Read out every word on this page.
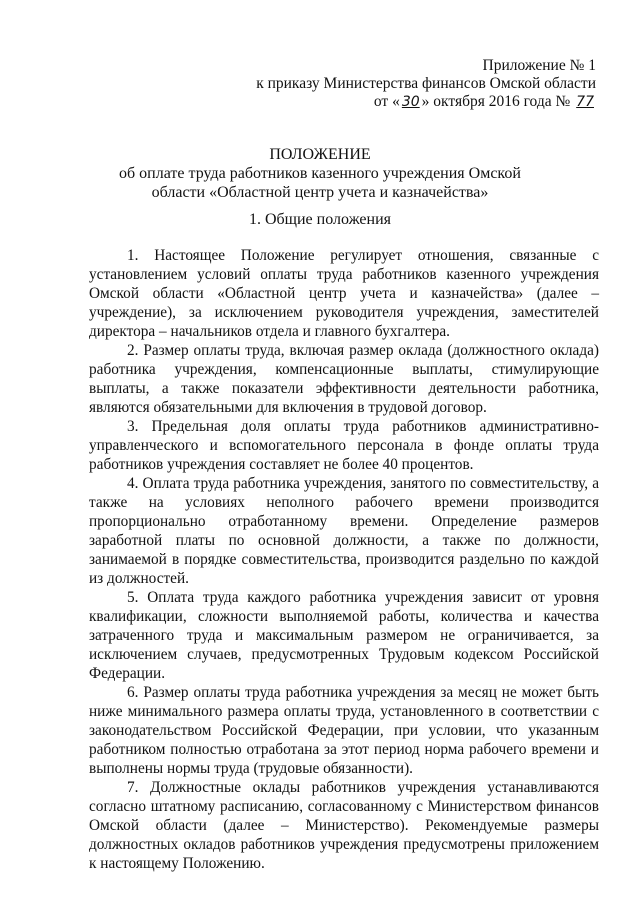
Приложение № 1
к приказу Министерства финансов Омской области
от « 30 » октября 2016 года № 77
ПОЛОЖЕНИЕ
об оплате труда работников казенного учреждения Омской
области «Областной центр учета и казначейства»
1. Общие положения

1. Настоящее Положение регулирует отношения, связанные с установлением условий оплаты труда работников казенного учреждения Омской области «Областной центр учета и казначейства» (далее – учреждение), за исключением руководителя учреждения, заместителей директора – начальников отдела и главного бухгалтера.

2. Размер оплаты труда, включая размер оклада (должностного оклада) работника учреждения, компенсационные выплаты, стимулирующие выплаты, а также показатели эффективности деятельности работника, являются обязательными для включения в трудовой договор.

3. Предельная доля оплаты труда работников административно-управленческого и вспомогательного персонала в фонде оплаты труда работников учреждения составляет не более 40 процентов.

4. Оплата труда работника учреждения, занятого по совместительству, а также на условиях неполного рабочего времени производится пропорционально отработанному времени. Определение размеров заработной платы по основной должности, а также по должности, занимаемой в порядке совместительства, производится раздельно по каждой из должностей.

5. Оплата труда каждого работника учреждения зависит от уровня квалификации, сложности выполняемой работы, количества и качества затраченного труда и максимальным размером не ограничивается, за исключением случаев, предусмотренных Трудовым кодексом Российской Федерации.

6. Размер оплаты труда работника учреждения за месяц не может быть ниже минимального размера оплаты труда, установленного в соответствии с законодательством Российской Федерации, при условии, что указанным работником полностью отработана за этот период норма рабочего времени и выполнены нормы труда (трудовые обязанности).

7. Должностные оклады работников учреждения устанавливаются согласно штатному расписанию, согласованному с Министерством финансов Омской области (далее – Министерство). Рекомендуемые размеры должностных окладов работников учреждения предусмотрены приложением к настоящему Положению.
